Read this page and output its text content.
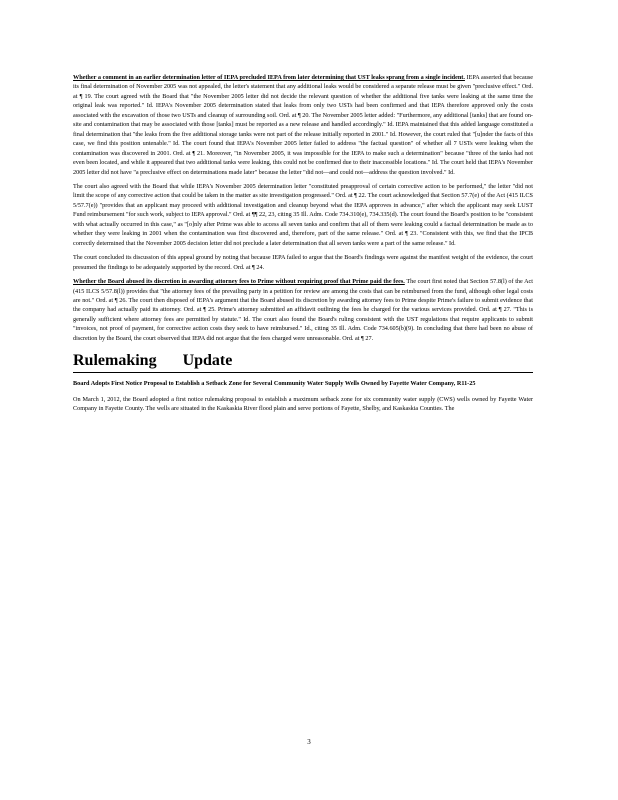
Whether a comment in an earlier determination letter of IEPA precluded IEPA from later determining that UST leaks sprang from a single incident. IEPA asserted that because its final determination of November 2005 was not appealed, the letter's statement that any additional leaks would be considered a separate release must be given "preclusive effect." Ord. at ¶ 19. The court agreed with the Board that "the November 2005 letter did not decide the relevant question of whether the additional five tanks were leaking at the same time the original leak was reported." Id. IEPA's November 2005 determination stated that leaks from only two USTs had been confirmed and that IEPA therefore approved only the costs associated with the excavation of those two USTs and cleanup of surrounding soil. Ord. at ¶ 20. The November 2005 letter added: "Furthermore, any additional [tanks] that are found on-site and contamination that may be associated with those [tanks] must be reported as a new release and handled accordingly." Id. IEPA maintained that this added language constituted a final determination that "the leaks from the five additional storage tanks were not part of the release initially reported in 2001." Id. However, the court ruled that "[u]nder the facts of this case, we find this position untenable." Id. The court found that IEPA's November 2005 letter failed to address "the factual question" of whether all 7 USTs were leaking when the contamination was discovered in 2001. Ord. at ¶ 21. Moreover, "in November 2005, it was impossible for the IEPA to make such a determination" because "three of the tanks had not even been located, and while it appeared that two additional tanks were leaking, this could not be confirmed due to their inaccessible locations." Id. The court held that IEPA's November 2005 letter did not have "a preclusive effect on determinations made later" because the letter "did not—and could not—address the question involved." Id.

The court also agreed with the Board that while IEPA's November 2005 determination letter "constituted preapproval of certain corrective action to be performed," the letter "did not limit the scope of any corrective action that could be taken in the matter as site investigation progressed." Ord. at ¶ 22. The court acknowledged that Section 57.7(e) of the Act (415 ILCS 5/57.7(e)) "provides that an applicant may proceed with additional investigation and cleanup beyond what the IEPA approves in advance," after which the applicant may seek LUST Fund reimbursement "for such work, subject to IEPA approval." Ord. at ¶¶ 22, 23, citing 35 Ill. Adm. Code 734.310(e), 734.335(d). The court found the Board's position to be "consistent with what actually occurred in this case," as "[o]nly after Prime was able to access all seven tanks and confirm that all of them were leaking could a factual determination be made as to whether they were leaking in 2001 when the contamination was first discovered and, therefore, part of the same release." Ord. at ¶ 23. "Consistent with this, we find that the IPCB correctly determined that the November 2005 decision letter did not preclude a later determination that all seven tanks were a part of the same release." Id.

The court concluded its discussion of this appeal ground by noting that because IEPA failed to argue that the Board's findings were against the manifest weight of the evidence, the court presumed the findings to be adequately supported by the record. Ord. at ¶ 24.

Whether the Board abused its discretion in awarding attorney fees to Prime without requiring proof that Prime paid the fees. The court first noted that Section 57.8(l) of the Act (415 ILCS 5/57.8(l)) provides that "the attorney fees of the prevailing party in a petition for review are among the costs that can be reimbursed from the fund, although other legal costs are not." Ord. at ¶ 26. The court then disposed of IEPA's argument that the Board abused its discretion by awarding attorney fees to Prime despite Prime's failure to submit evidence that the company had actually paid its attorney. Ord. at ¶ 25. Prime's attorney submitted an affidavit outlining the fees he charged for the various services provided. Ord. at ¶ 27. "This is generally sufficient where attorney fees are permitted by statute." Id. The court also found the Board's ruling consistent with the UST regulations that require applicants to submit "invoices, not proof of payment, for corrective action costs they seek to have reimbursed." Id., citing 35 Ill. Adm. Code 734.605(b)(9). In concluding that there had been no abuse of discretion by the Board, the court observed that IEPA did not argue that the fees charged were unreasonable. Ord. at ¶ 27.

Rulemaking Update

Board Adopts First Notice Proposal to Establish a Setback Zone for Several Community Water Supply Wells Owned by Fayette Water Company, R11-25

On March 1, 2012, the Board adopted a first notice rulemaking proposal to establish a maximum setback zone for six community water supply (CWS) wells owned by Fayette Water Company in Fayette County. The wells are situated in the Kaskaskia River flood plain and serve portions of Fayette, Shelby, and Kaskaskia Counties. The

3
